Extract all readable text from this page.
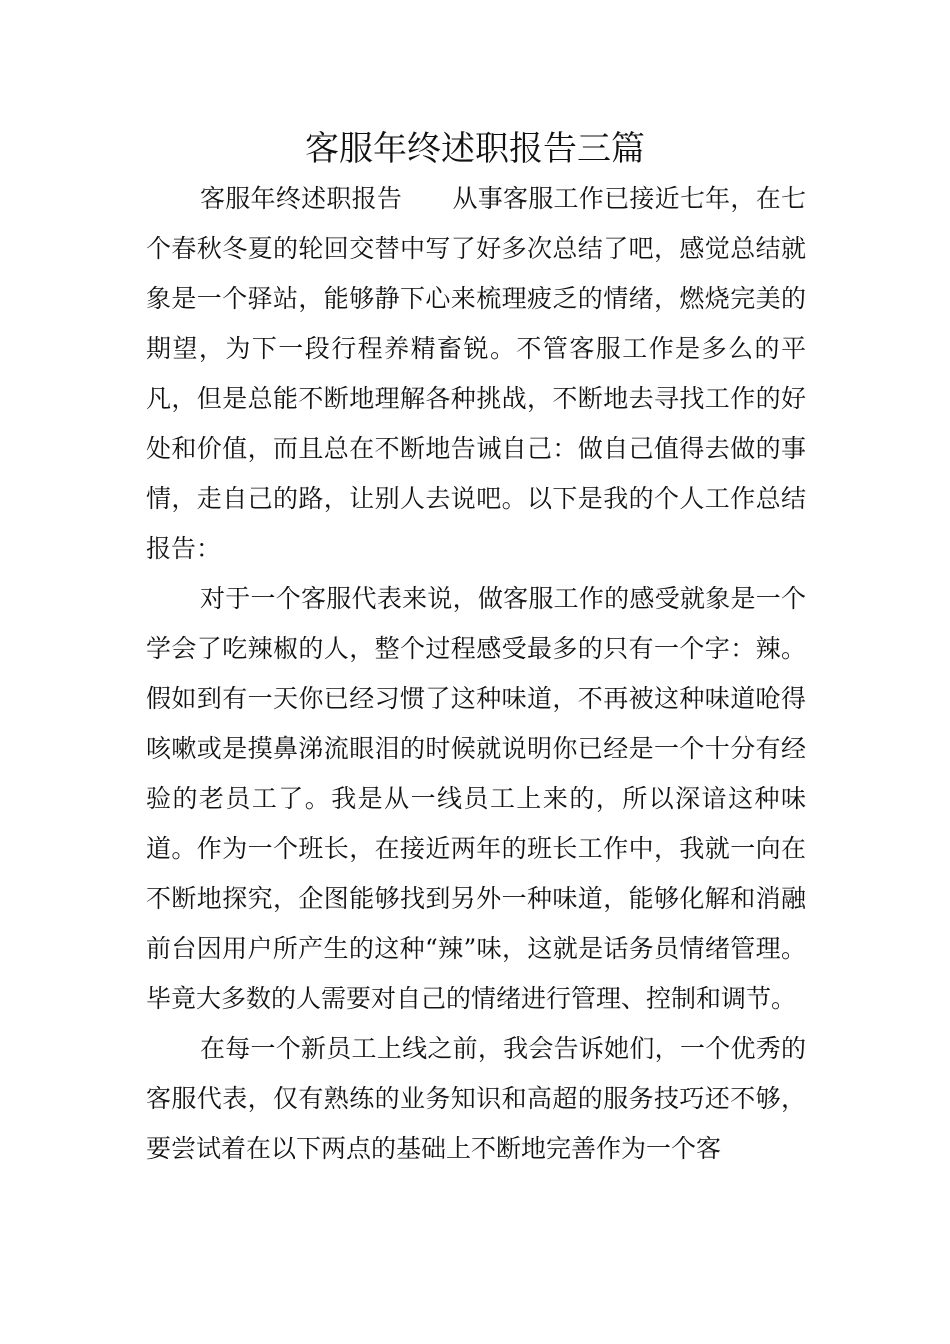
客服年终述职报告三篇

客服年终述职报告 从事客服工作已接近七年，在七个春秋冬夏的轮回交替中写了好多次总结了吧，感觉总结就象是一个驿站，能够静下心来梳理疲乏的情绪，燃烧完美的期望，为下一段行程养精畜锐。不管客服工作是多么的平凡，但是总能不断地理解各种挑战，不断地去寻找工作的好处和价值，而且总在不断地告诫自己：做自己值得去做的事情，走自己的路，让别人去说吧。以下是我的个人工作总结报告：

对于一个客服代表来说，做客服工作的感受就象是一个学会了吃辣椒的人，整个过程感受最多的只有一个字：辣。假如到有一天你已经习惯了这种味道，不再被这种味道呛得咳嗽或是摸鼻涕流眼泪的时候就说明你已经是一个十分有经验的老员工了。我是从一线员工上来的，所以深谙这种味道。作为一个班长，在接近两年的班长工作中，我就一向在不断地探究，企图能够找到另外一种味道，能够化解和消融前台因用户所产生的这种“辣”味，这就是话务员情绪管理。毕竟大多数的人需要对自己的情绪进行管理、控制和调节。

在每一个新员工上线之前，我会告诉她们，一个优秀的客服代表，仅有熟练的业务知识和高超的服务技巧还不够，要尝试着在以下两点的基础上不断地完善作为一个客
